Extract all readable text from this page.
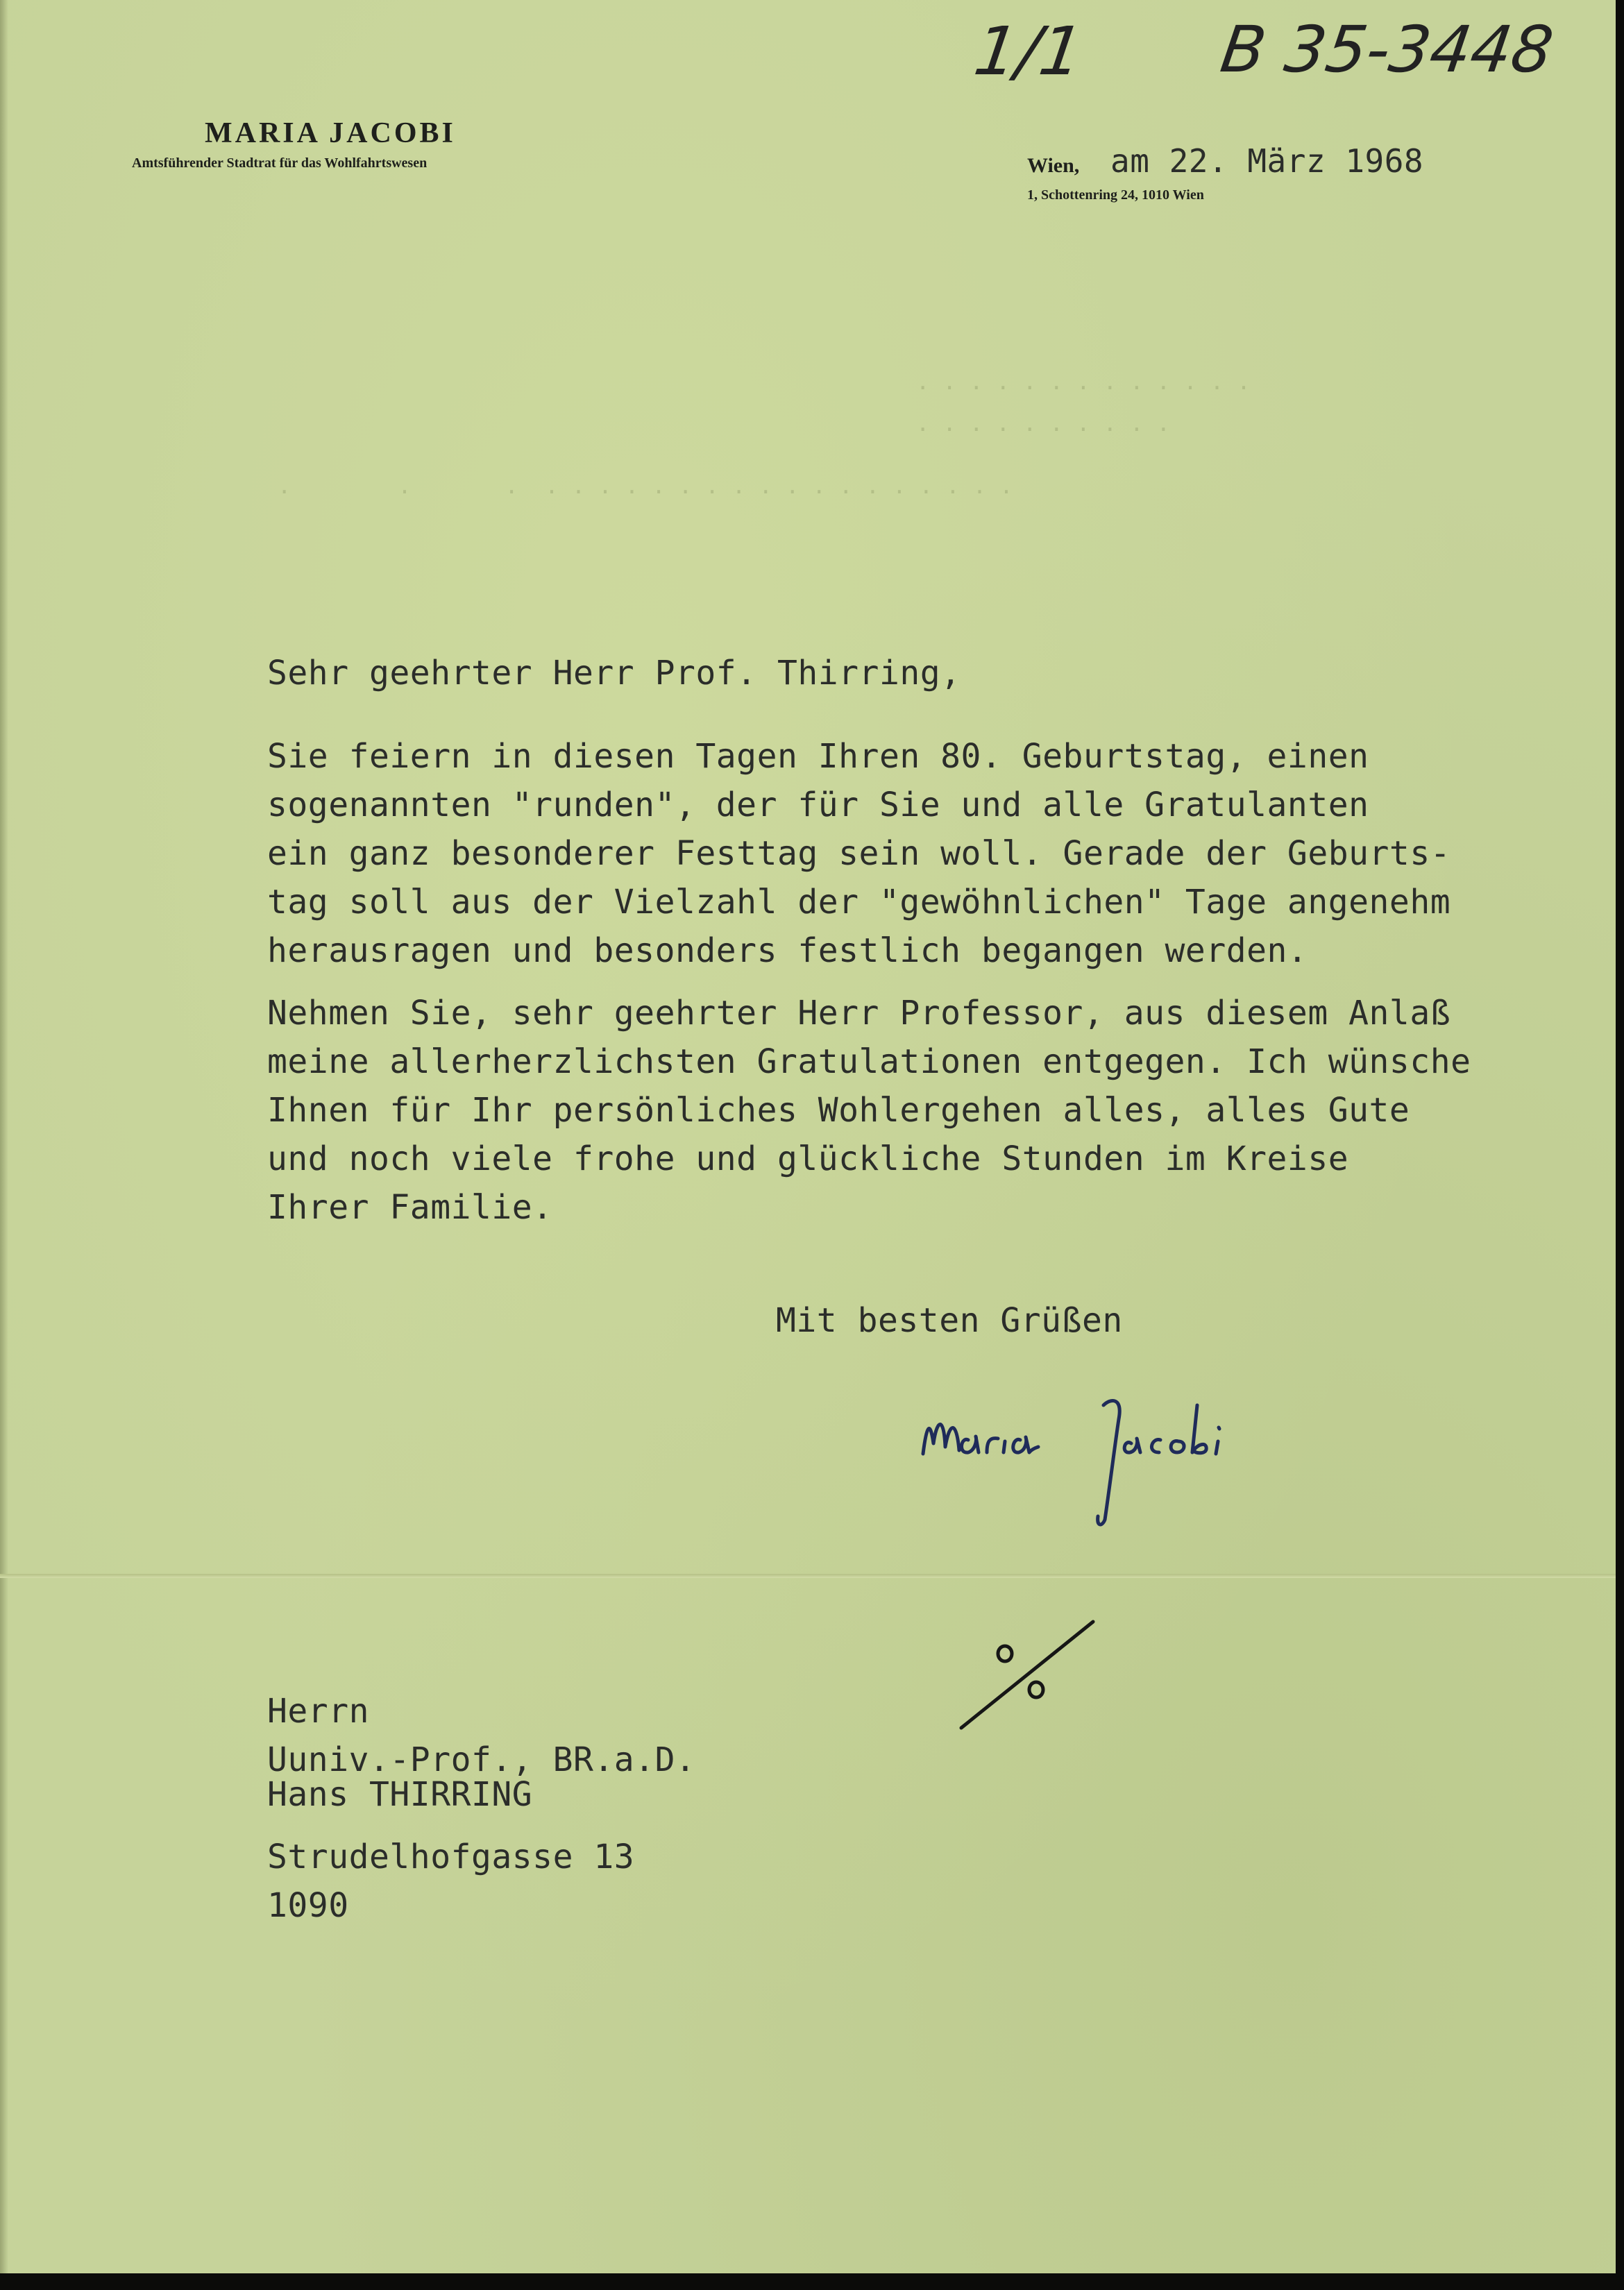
1/1 B 35-3448
MARIA JACOBI
Amtsführender Stadtrat für das Wohlfahrtswesen	Wien, am 22. März 1968
1, Schottenring 24, 1010 Wien
· · · · · · · · · · · · ·
· · · · · · · · · ·
·        ·       ·  · · · · · · · · · · · · · · · · · ·
Sehr geehrter Herr Prof. Thirring,
Sie feiern in diesen Tagen Ihren 80. Geburtstag, einen
sogenannten "runden", der für Sie und alle Gratulanten
ein ganz besonderer Festtag sein woll. Gerade der Geburts-
tag soll aus der Vielzahl der "gewöhnlichen" Tage angenehm
herausragen und besonders festlich begangen werden.
Nehmen Sie, sehr geehrter Herr Professor, aus diesem Anlaß
meine allerherzlichsten Gratulationen entgegen. Ich wünsche
Ihnen für Ihr persönliches Wohlergehen alles, alles Gute
und noch viele frohe und glückliche Stunden im Kreise
Ihrer Familie.
Mit besten Grüßen
Herrn
Uuniv.-Prof., BR.a.D.
Hans THIRRING
Strudelhofgasse 13
1090
